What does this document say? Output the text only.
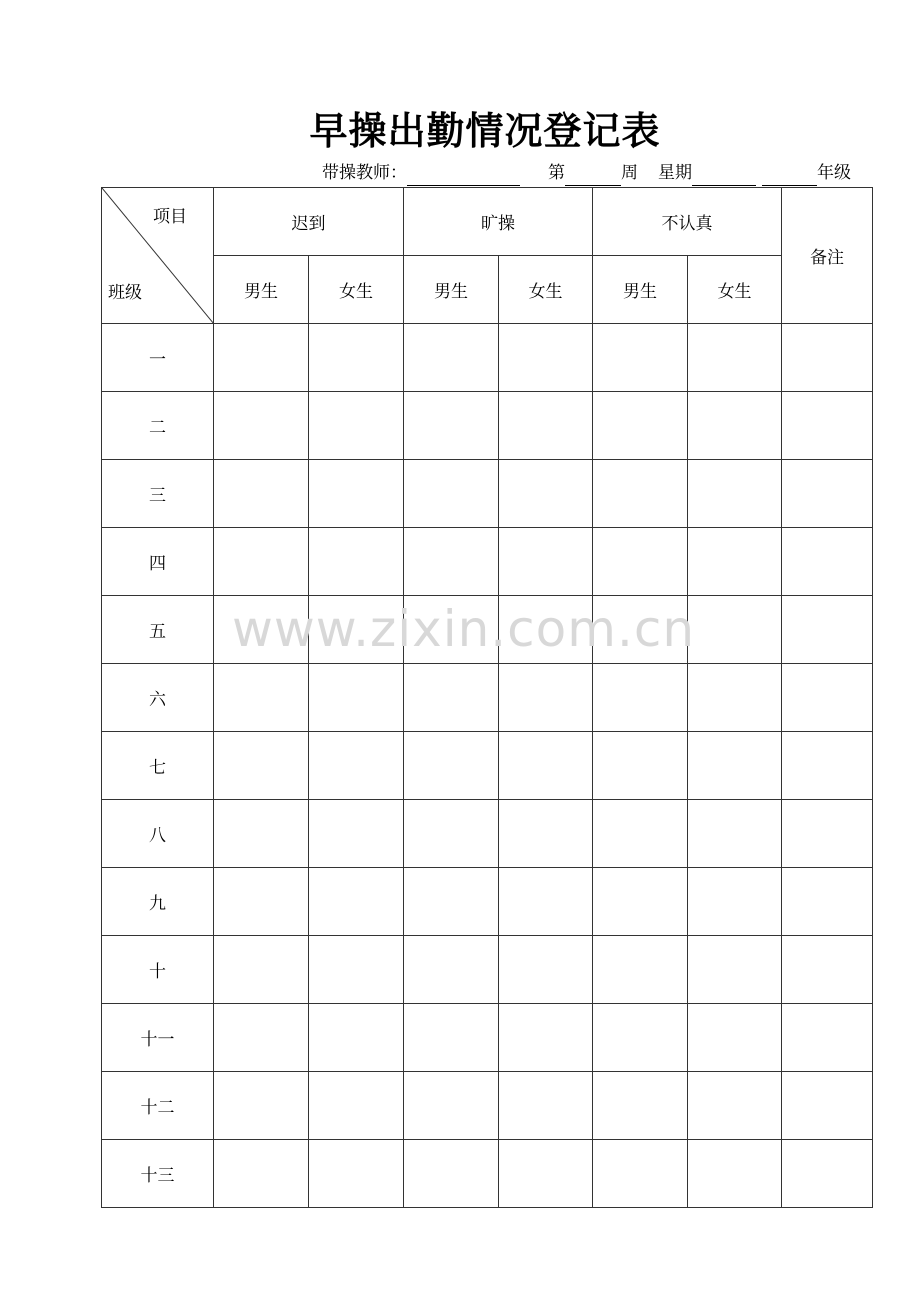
早操出勤情况登记表
带操教师：	第	周 星期	年级
项目
班级	迟到		旷操		不认真		备注
	男生	女生	男生	女生	男生	女生	
一							
二							
三							
四							
五							
六							
七							
八							
九							
十							
十一							
十二							
十三							
www.zixin.com.cn
